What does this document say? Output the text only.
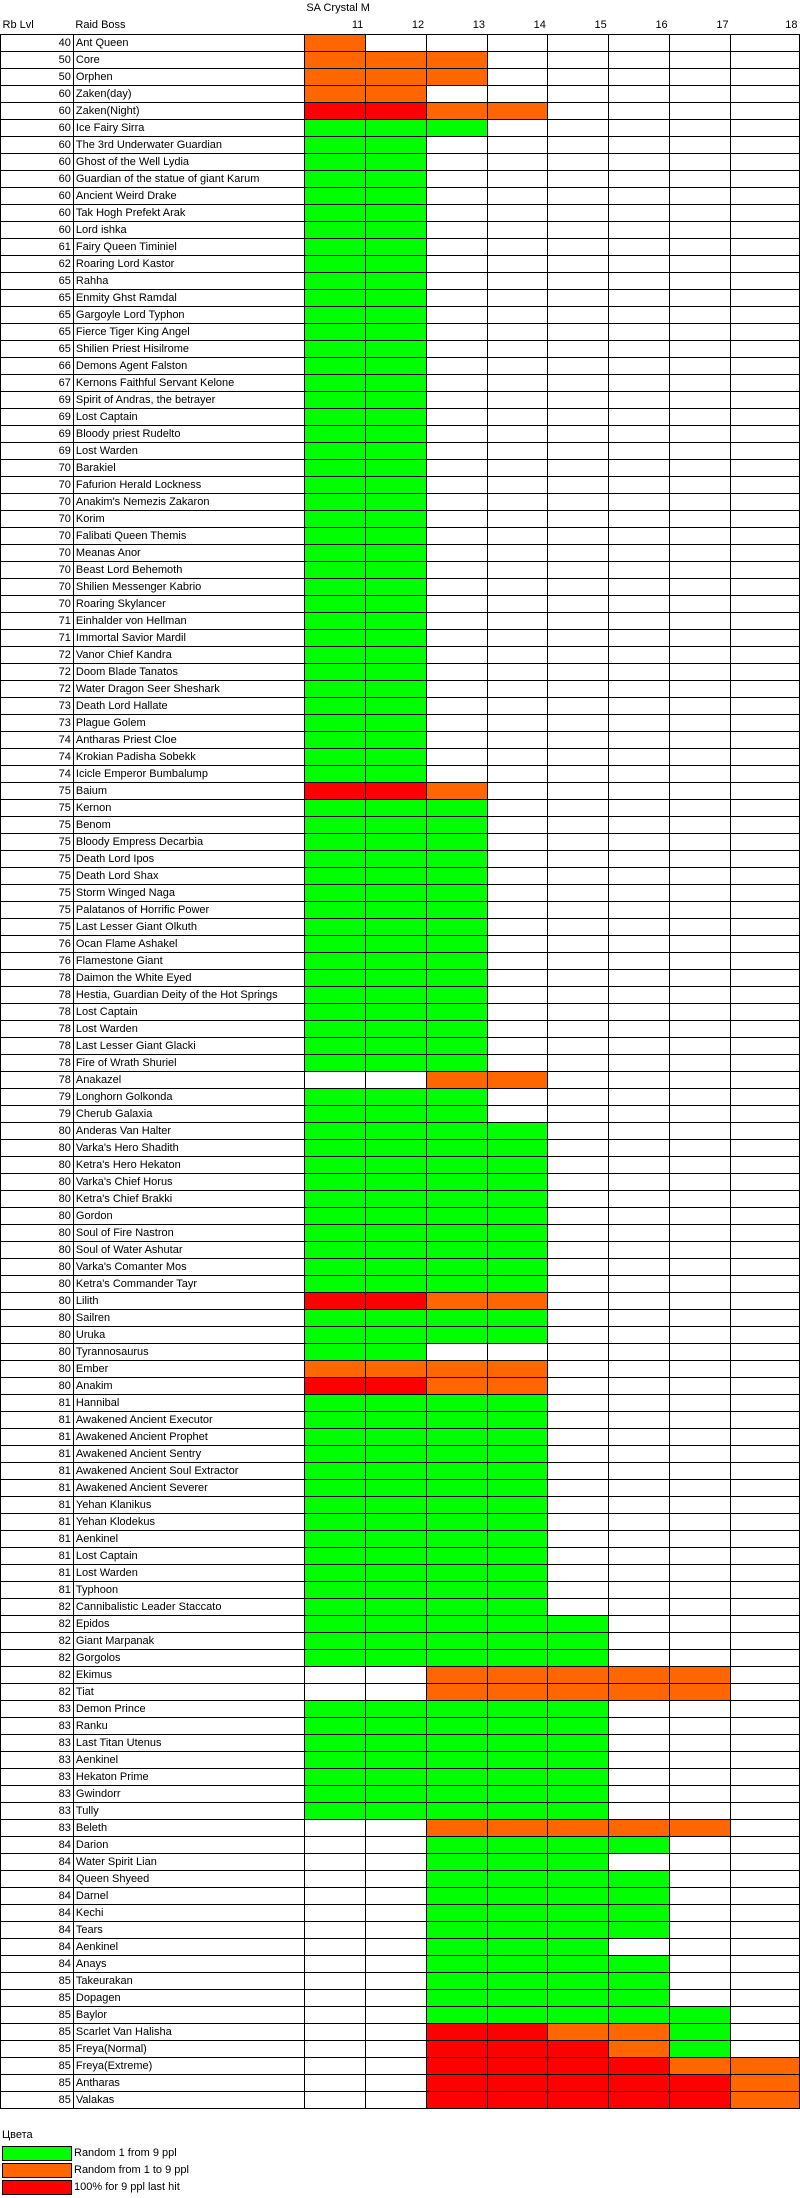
		SA Crystal M							
Rb Lvl	Raid Boss	11	12	13	14	15	16	17	18
40	Ant Queen								
50	Core								
50	Orphen								
60	Zaken(day)								
60	Zaken(Night)								
60	Ice Fairy Sirra								
60	The 3rd Underwater Guardian								
60	Ghost of the Well Lydia								
60	Guardian of the statue of giant Karum								
60	Ancient Weird Drake								
60	Tak Hogh Prefekt Arak								
60	Lord ishka								
61	Fairy Queen Timiniel								
62	Roaring Lord Kastor								
65	Rahha								
65	Enmity Ghst Ramdal								
65	Gargoyle Lord Typhon								
65	Fierce Tiger King Angel								
65	Shilien Priest Hisilrome								
66	Demons Agent Falston								
67	Kernons Faithful Servant Kelone								
69	Spirit of Andras, the betrayer								
69	Lost Captain								
69	Bloody priest Rudelto								
69	Lost Warden								
70	Barakiel								
70	Fafurion Herald Lockness								
70	Anakim's Nemezis Zakaron								
70	Korim								
70	Falibati Queen Themis								
70	Meanas Anor								
70	Beast Lord Behemoth								
70	Shilien Messenger Kabrio								
70	Roaring Skylancer								
71	Einhalder von Hellman								
71	Immortal Savior Mardil								
72	Vanor Chief Kandra								
72	Doom Blade Tanatos								
72	Water Dragon Seer Sheshark								
73	Death Lord Hallate								
73	Plague Golem								
74	Antharas Priest Cloe								
74	Krokian Padisha Sobekk								
74	Icicle Emperor Bumbalump								
75	Baium								
75	Kernon								
75	Benom								
75	Bloody Empress Decarbia								
75	Death Lord Ipos								
75	Death Lord Shax								
75	Storm Winged Naga								
75	Palatanos of Horrific Power								
75	Last Lesser Giant Olkuth								
76	Ocan Flame Ashakel								
76	Flamestone Giant								
78	Daimon the White Eyed								
78	Hestia, Guardian Deity of the Hot Springs								
78	Lost Captain								
78	Lost Warden								
78	Last Lesser Giant Glacki								
78	Fire of Wrath Shuriel								
78	Anakazel								
79	Longhorn Golkonda								
79	Cherub Galaxia								
80	Anderas Van Halter								
80	Varka's Hero Shadith								
80	Ketra's Hero Hekaton								
80	Varka's Chief Horus								
80	Ketra's Chief Brakki								
80	Gordon								
80	Soul of Fire Nastron								
80	Soul of Water Ashutar								
80	Varka's Comanter Mos								
80	Ketra's Commander Tayr								
80	Lilith								
80	Sailren								
80	Uruka								
80	Tyrannosaurus								
80	Ember								
80	Anakim								
81	Hannibal								
81	Awakened Ancient Executor								
81	Awakened Ancient Prophet								
81	Awakened Ancient Sentry								
81	Awakened Ancient Soul Extractor								
81	Awakened Ancient Severer								
81	Yehan Klanikus								
81	Yehan Klodekus								
81	Aenkinel								
81	Lost Captain								
81	Lost Warden								
81	Typhoon								
82	Cannibalistic Leader Staccato								
82	Epidos								
82	Giant Marpanak								
82	Gorgolos								
82	Ekimus								
82	Tiat								
83	Demon Prince								
83	Ranku								
83	Last Titan Utenus								
83	Aenkinel								
83	Hekaton Prime								
83	Gwindorr								
83	Tully								
83	Beleth								
84	Darion								
84	Water Spirit Lian								
84	Queen Shyeed								
84	Darnel								
84	Kechi								
84	Tears								
84	Aenkinel								
84	Anays								
85	Takeurakan								
85	Dopagen								
85	Baylor								
85	Scarlet Van Halisha								
85	Freya(Normal)								
85	Freya(Extreme)								
85	Antharas								
85	Valakas								
Цвета
Random 1 from 9 ppl
Random from 1 to 9 ppl
100% for 9 ppl last hit
